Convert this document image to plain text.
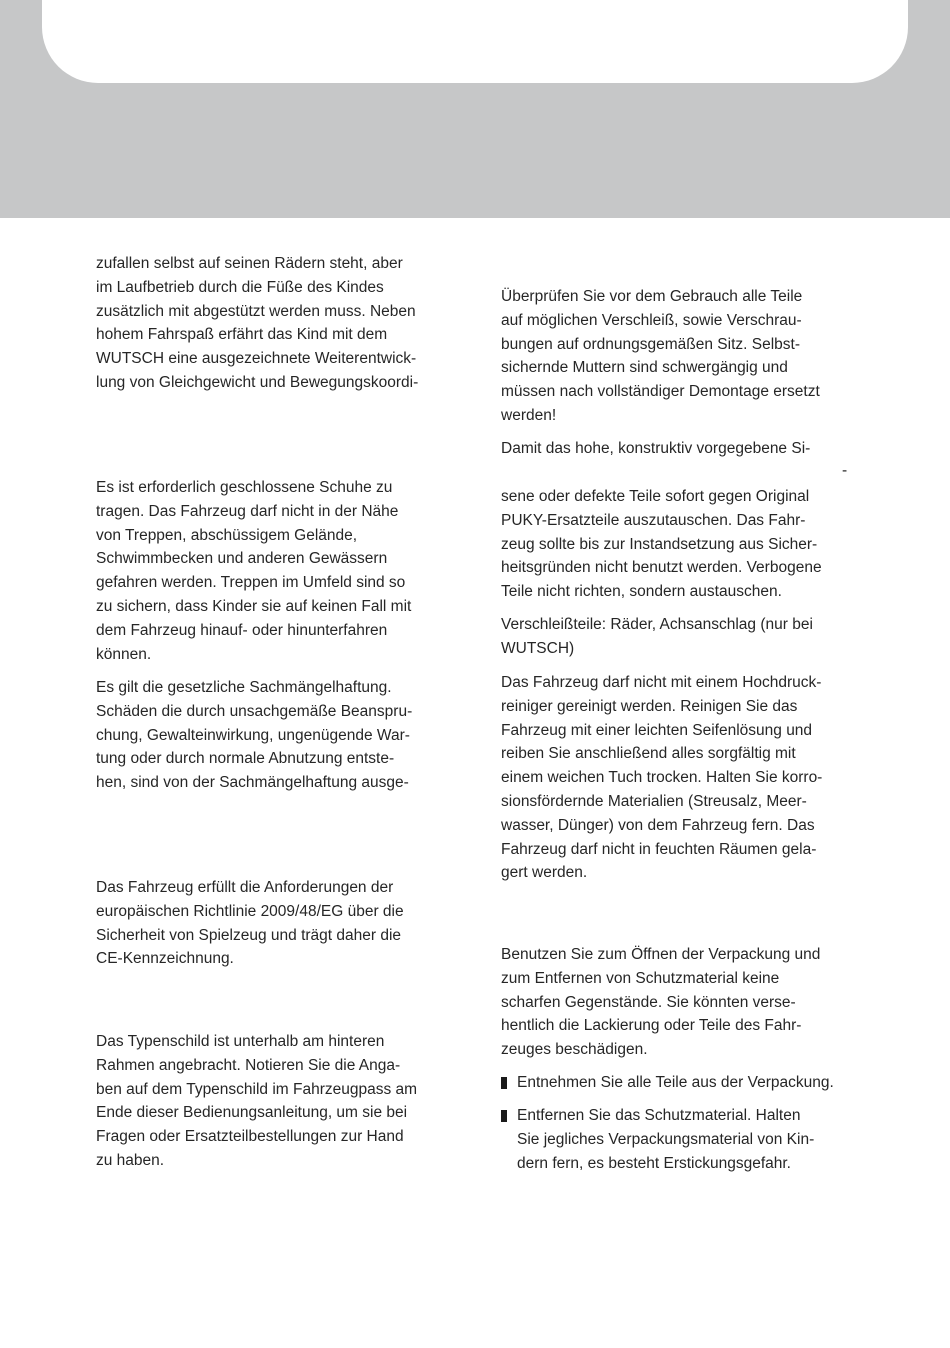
zufallen selbst auf seinen Rädern steht, aber
im Laufbetrieb durch die Füße des Kindes
zusätzlich mit abgestützt werden muss. Neben
hohem Fahrspaß erfährt das Kind mit dem
WUTSCH eine ausgezeichnete Weiterentwick-
lung von Gleichgewicht und Bewegungskoordi-

Es ist erforderlich geschlossene Schuhe zu
tragen. Das Fahrzeug darf nicht in der Nähe
von Treppen, abschüssigem Gelände,
Schwimmbecken und anderen Gewässern
gefahren werden. Treppen im Umfeld sind so
zu sichern, dass Kinder sie auf keinen Fall mit
dem Fahrzeug hinauf- oder hinunterfahren
können.

Es gilt die gesetzliche Sachmängelhaftung.
Schäden die durch unsachgemäße Beanspru-
chung, Gewalteinwirkung, ungenügende War-
tung oder durch normale Abnutzung entste-
hen, sind von der Sachmängelhaftung ausge-

Das Fahrzeug erfüllt die Anforderungen der
europäischen Richtlinie 2009/48/EG über die
Sicherheit von Spielzeug und trägt daher die
CE-Kennzeichnung.

Das Typenschild ist unterhalb am hinteren
Rahmen angebracht. Notieren Sie die Anga-
ben auf dem Typenschild im Fahrzeugpass am
Ende dieser Bedienungsanleitung, um sie bei
Fragen oder Ersatzteilbestellungen zur Hand
zu haben.

Überprüfen Sie vor dem Gebrauch alle Teile
auf möglichen Verschleiß, sowie Verschrau-
bungen auf ordnungsgemäßen Sitz. Selbst-
sichernde Muttern sind schwergängig und
müssen nach vollständiger Demontage ersetzt
werden!

Damit das hohe, konstruktiv vorgegebene Si-

-

sene oder defekte Teile sofort gegen Original
PUKY-Ersatzteile auszutauschen. Das Fahr-
zeug sollte bis zur Instandsetzung aus Sicher-
heitsgründen nicht benutzt werden. Verbogene
Teile nicht richten, sondern austauschen.

Verschleißteile: Räder, Achsanschlag (nur bei
WUTSCH)

Das Fahrzeug darf nicht mit einem Hochdruck-
reiniger gereinigt werden. Reinigen Sie das
Fahrzeug mit einer leichten Seifenlösung und
reiben Sie anschließend alles sorgfältig mit
einem weichen Tuch trocken. Halten Sie korro-
sionsfördernde Materialien (Streusalz, Meer-
wasser, Dünger) von dem Fahrzeug fern. Das
Fahrzeug darf nicht in feuchten Räumen gela-
gert werden.

Benutzen Sie zum Öffnen der Verpackung und
zum Entfernen von Schutzmaterial keine
scharfen Gegenstände. Sie könnten verse-
hentlich die Lackierung oder Teile des Fahr-
zeuges beschädigen.

Entnehmen Sie alle Teile aus der Verpackung.
Entfernen Sie das Schutzmaterial. Halten
Sie jegliches Verpackungsmaterial von Kin-
dern fern, es besteht Erstickungsgefahr.
